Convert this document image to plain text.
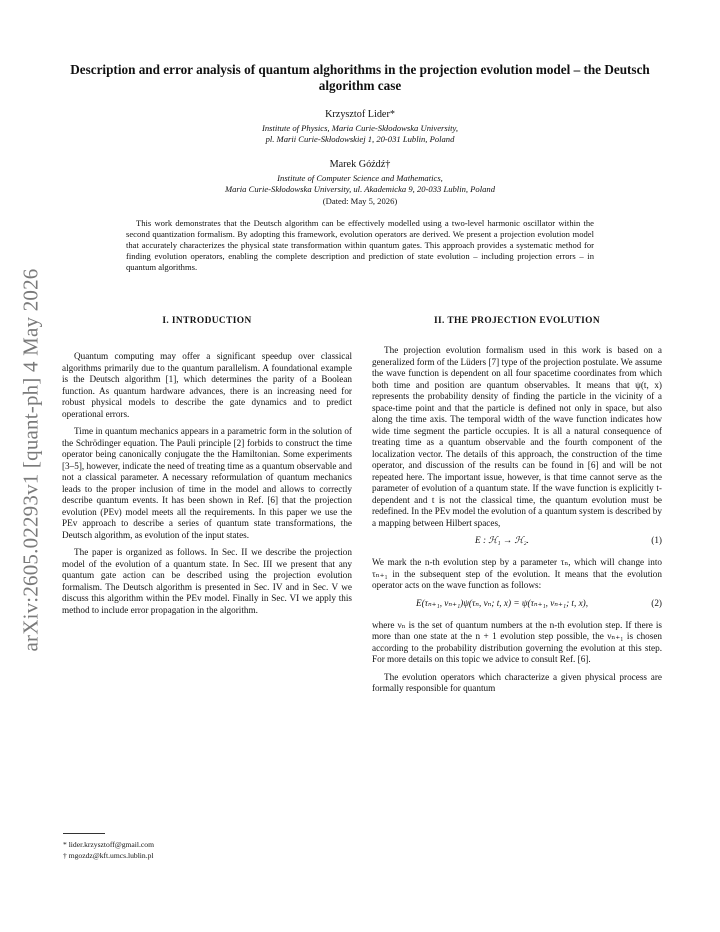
arXiv:2605.02293v1 [quant-ph] 4 May 2026
Description and error analysis of quantum alghorithms in the projection evolution model – the Deutsch algorithm case
Krzysztof Lider*
Institute of Physics, Maria Curie-Skłodowska University,
pl. Marii Curie-Skłodowskiej 1, 20-031 Lublin, Poland
Marek Góźdź†
Institute of Computer Science and Mathematics,
Maria Curie-Skłodowska University, ul. Akademicka 9, 20-033 Lublin, Poland
(Dated: May 5, 2026)

This work demonstrates that the Deutsch algorithm can be effectively modelled using a two-level harmonic oscillator within the second quantization formalism. By adopting this framework, evolution operators are derived. We present a projection evolution model that accurately characterizes the physical state transformation within quantum gates. This approach provides a systematic method for finding evolution operators, enabling the complete description and prediction of state evolution – including projection errors – in quantum algorithms.

I. INTRODUCTION

Quantum computing may offer a significant speedup over classical algorithms primarily due to the quantum parallelism. A foundational example is the Deutsch algorithm [1], which determines the parity of a Boolean function. As quantum hardware advances, there is an increasing need for robust physical models to describe the gate dynamics and to predict operational errors.

Time in quantum mechanics appears in a parametric form in the solution of the Schrödinger equation. The Pauli principle [2] forbids to construct the time operator being canonically conjugate the the Hamiltonian. Some experiments [3–5], however, indicate the need of treating time as a quantum observable and not a classical parameter. A necessary reformulation of quantum mechanics leads to the proper inclusion of time in the model and allows to correctly describe quantum events. It has been shown in Ref. [6] that the projection evolution (PEv) model meets all the requirements. In this paper we use the PEv approach to describe a series of quantum state transformations, the Deutsch algorithm, as evolution of the input states.

The paper is organized as follows. In Sec. II we describe the projection model of the evolution of a quantum state. In Sec. III we present that any quantum gate action can be described using the projection evolution formalism. The Deutsch algorithm is presented in Sec. IV and in Sec. V we discuss this algorithm within the PEv model. Finally in Sec. VI we apply this method to include error propagation in the algorithm.

II. THE PROJECTION EVOLUTION

The projection evolution formalism used in this work is based on a generalized form of the Lüders [7] type of the projection postulate. We assume the wave function is dependent on all four spacetime coordinates from which both time and position are quantum observables. It means that ψ(t, x) represents the probability density of finding the particle in the vicinity of a space-time point and that the particle is defined not only in space, but also along the time axis. The temporal width of the wave function indicates how wide time segment the particle occupies. It is all a natural consequence of treating time as a quantum observable and the fourth component of the localization vector. The details of this approach, the construction of the time operator, and discussion of the results can be found in [6] and will be not repeated here. The important issue, however, is that time cannot serve as the parameter of evolution of a quantum state. If the wave function is explicitly t-dependent and t is not the classical time, the quantum evolution must be redefined. In the PEv model the evolution of a quantum system is described by a mapping between Hilbert spaces,

E : ℋ₁ → ℋ₂.	(1)

We mark the n-th evolution step by a parameter τₙ, which will change into τₙ₊₁ in the subsequent step of the evolution. It means that the evolution operator acts on the wave function as follows:

E(τₙ₊₁, νₙ₊₁)ψ(τₙ, νₙ; t, x) = ψ(τₙ₊₁, νₙ₊₁; t, x),	(2)

where νₙ is the set of quantum numbers at the n-th evolution step. If there is more than one state at the n + 1 evolution step possible, the νₙ₊₁ is chosen according to the probability distribution governing the evolution at this step. For more details on this topic we advice to consult Ref. [6].

The evolution operators which characterize a given physical process are formally responsible for quantum

* lider.krzysztoff@gmail.com
† mgozdz@kft.umcs.lublin.pl
